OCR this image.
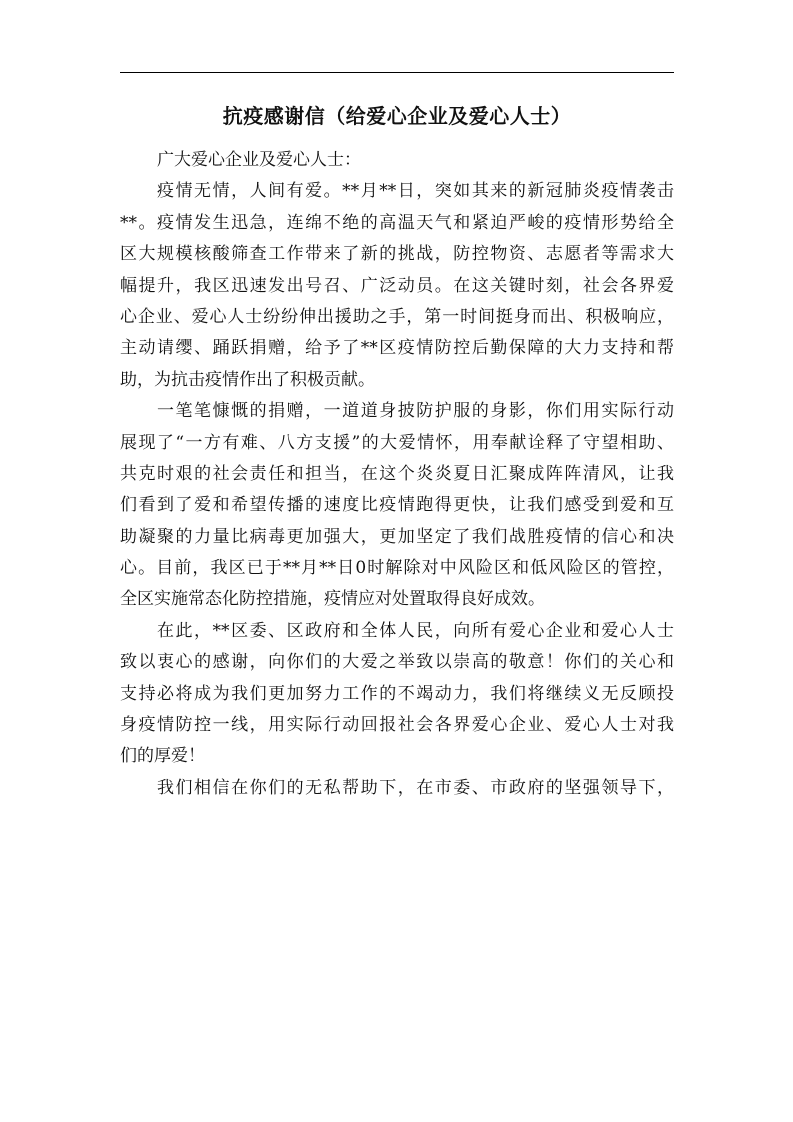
抗疫感谢信（给爱心企业及爱心人士）
广大爱心企业及爱心人士：
疫情无情，人间有爱。**月**日，突如其来的新冠肺炎疫情袭击
**。疫情发生迅急，连绵不绝的高温天气和紧迫严峻的疫情形势给全
区大规模核酸筛查工作带来了新的挑战，防控物资、志愿者等需求大
幅提升，我区迅速发出号召、广泛动员。在这关键时刻，社会各界爱
心企业、爱心人士纷纷伸出援助之手，第一时间挺身而出、积极响应，
主动请缨、踊跃捐赠，给予了**区疫情防控后勤保障的大力支持和帮
助，为抗击疫情作出了积极贡献。
一笔笔慷慨的捐赠，一道道身披防护服的身影，你们用实际行动
展现了“一方有难、八方支援”的大爱情怀，用奉献诠释了守望相助、
共克时艰的社会责任和担当，在这个炎炎夏日汇聚成阵阵清风，让我
们看到了爱和希望传播的速度比疫情跑得更快，让我们感受到爱和互
助凝聚的力量比病毒更加强大，更加坚定了我们战胜疫情的信心和决
心。目前，我区已于**月**日0时解除对中风险区和低风险区的管控，
全区实施常态化防控措施，疫情应对处置取得良好成效。
在此，**区委、区政府和全体人民，向所有爱心企业和爱心人士
致以衷心的感谢，向你们的大爱之举致以崇高的敬意！你们的关心和
支持必将成为我们更加努力工作的不竭动力，我们将继续义无反顾投
身疫情防控一线，用实际行动回报社会各界爱心企业、爱心人士对我
们的厚爱！
我们相信在你们的无私帮助下，在市委、市政府的坚强领导下，
